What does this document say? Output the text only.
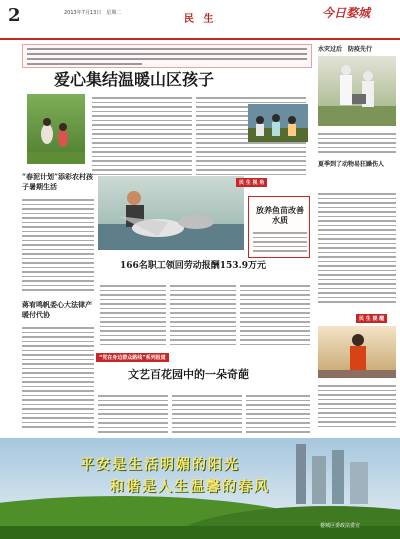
2	2013年7月13日　星期二
民 生	今日婺城
爱心集结温暖山区孩子
“春泥计划”添彩农村孩子暑期生活
放养鱼苗改善水质
166名职工领回劳动报酬153.9万元
蒋宥鸣帆委心大法律产暖付代协
“党在身边群众路线”系列报道
文艺百花园中的一朵奇葩
水灾过后　防疫先行
民 生 视 角
夏季到了动物易狂躁伤人
民 生 提 醒
平安是生活明媚的阳光
和谐是人生温馨的春风
婺城区委政法委宣
